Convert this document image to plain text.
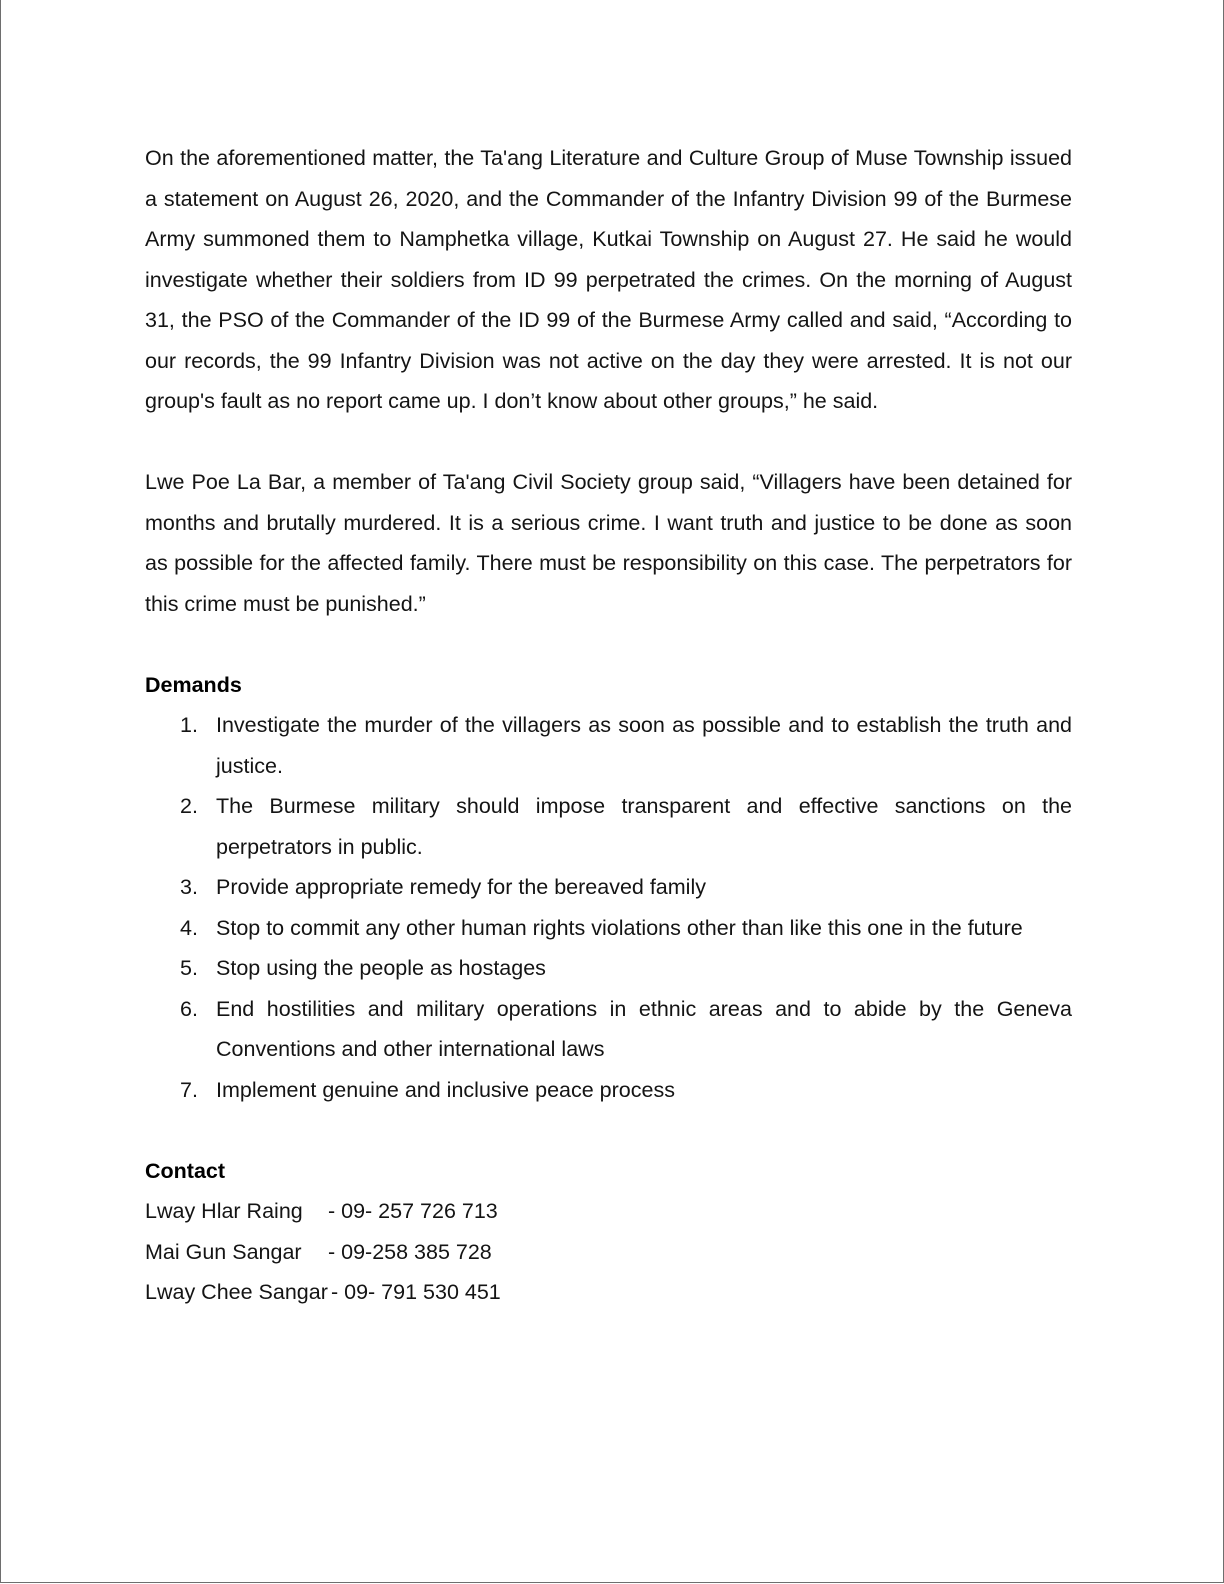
On the aforementioned matter, the Ta'ang Literature and Culture Group of Muse Township issued a statement on August 26, 2020, and the Commander of the Infantry Division 99 of the Burmese Army summoned them to Namphetka village, Kutkai Township on August 27. He said he would investigate whether their soldiers from ID 99 perpetrated the crimes. On the morning of August 31, the PSO of the Commander of the ID 99 of the Burmese Army called and said, “According to our records, the 99 Infantry Division was not active on the day they were arrested. It is not our group's fault as no report came up. I don’t know about other groups,” he said.

Lwe Poe La Bar, a member of Ta'ang Civil Society group said, “Villagers have been detained for months and brutally murdered. It is a serious crime. I want truth and justice to be done as soon as possible for the affected family. There must be responsibility on this case. The perpetrators for this crime must be punished.”

Demands

1. Investigate the murder of the villagers as soon as possible and to establish the truth and justice.
2. The Burmese military should impose transparent and effective sanctions on the perpetrators in public.
3. Provide appropriate remedy for the bereaved family
4. Stop to commit any other human rights violations other than like this one in the future
5. Stop using the people as hostages
6. End hostilities and military operations in ethnic areas and to abide by the Geneva Conventions and other international laws
7. Implement genuine and inclusive peace process

Contact

Lway Hlar Raing	- 09- 257 726 713
Mai Gun Sangar	- 09-258 385 728
Lway Chee Sangar - 09- 791 530 451
